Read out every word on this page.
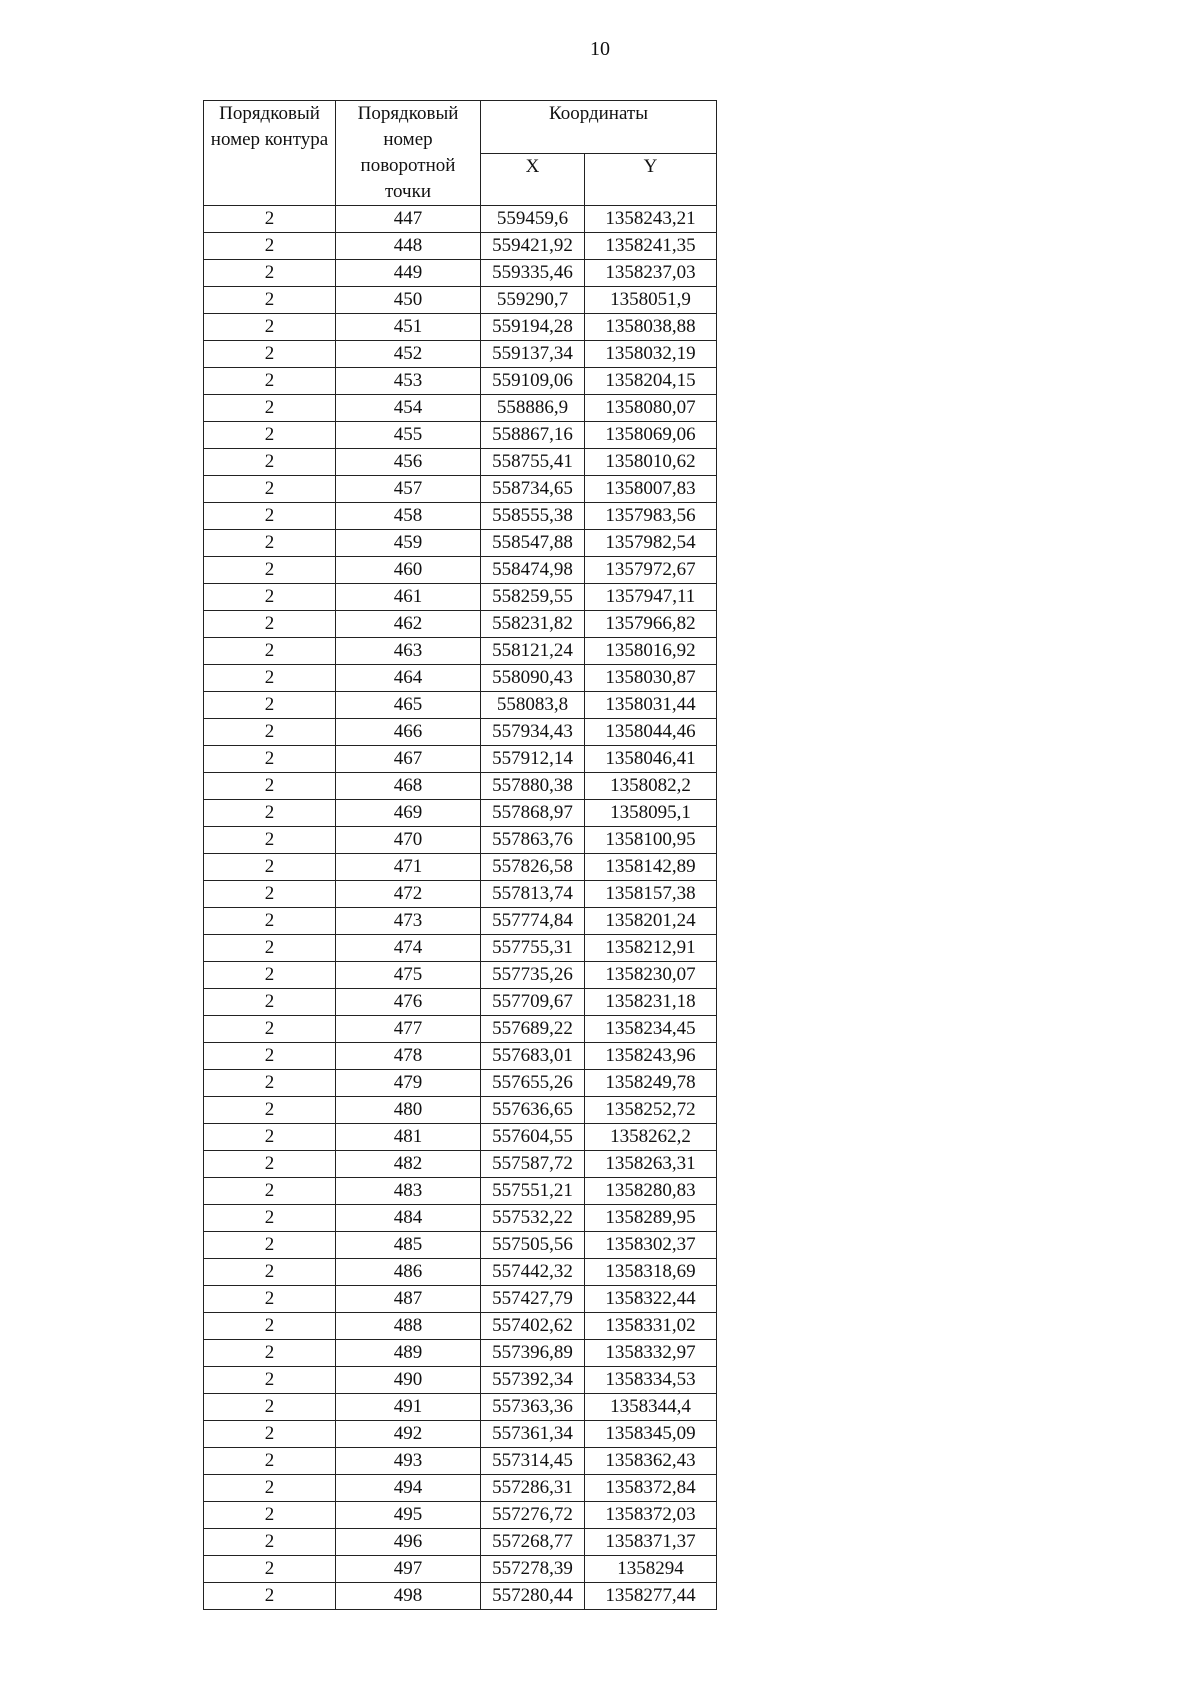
10
Порядковый
номер контура	Порядковый
номер
поворотной
точки	Координаты	
		X	Y
2	447	559459,6	1358243,21
2	448	559421,92	1358241,35
2	449	559335,46	1358237,03
2	450	559290,7	1358051,9
2	451	559194,28	1358038,88
2	452	559137,34	1358032,19
2	453	559109,06	1358204,15
2	454	558886,9	1358080,07
2	455	558867,16	1358069,06
2	456	558755,41	1358010,62
2	457	558734,65	1358007,83
2	458	558555,38	1357983,56
2	459	558547,88	1357982,54
2	460	558474,98	1357972,67
2	461	558259,55	1357947,11
2	462	558231,82	1357966,82
2	463	558121,24	1358016,92
2	464	558090,43	1358030,87
2	465	558083,8	1358031,44
2	466	557934,43	1358044,46
2	467	557912,14	1358046,41
2	468	557880,38	1358082,2
2	469	557868,97	1358095,1
2	470	557863,76	1358100,95
2	471	557826,58	1358142,89
2	472	557813,74	1358157,38
2	473	557774,84	1358201,24
2	474	557755,31	1358212,91
2	475	557735,26	1358230,07
2	476	557709,67	1358231,18
2	477	557689,22	1358234,45
2	478	557683,01	1358243,96
2	479	557655,26	1358249,78
2	480	557636,65	1358252,72
2	481	557604,55	1358262,2
2	482	557587,72	1358263,31
2	483	557551,21	1358280,83
2	484	557532,22	1358289,95
2	485	557505,56	1358302,37
2	486	557442,32	1358318,69
2	487	557427,79	1358322,44
2	488	557402,62	1358331,02
2	489	557396,89	1358332,97
2	490	557392,34	1358334,53
2	491	557363,36	1358344,4
2	492	557361,34	1358345,09
2	493	557314,45	1358362,43
2	494	557286,31	1358372,84
2	495	557276,72	1358372,03
2	496	557268,77	1358371,37
2	497	557278,39	1358294
2	498	557280,44	1358277,44
